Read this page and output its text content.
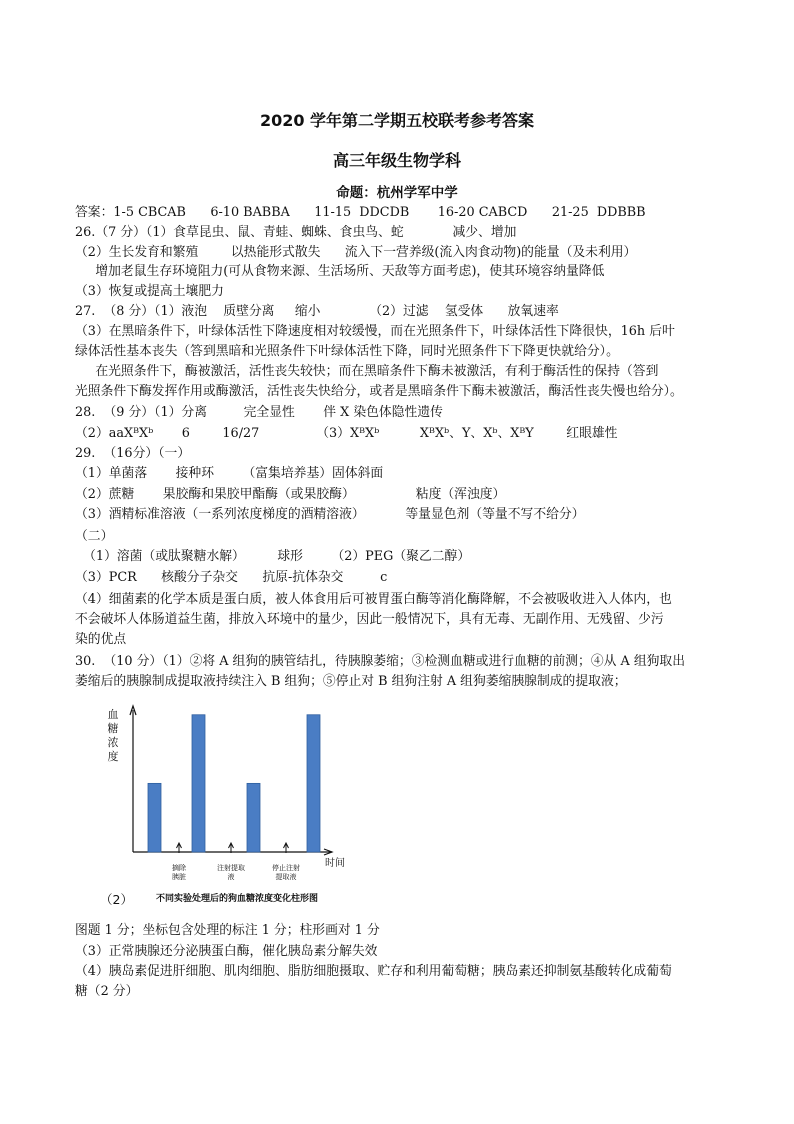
2020 学年第二学期五校联考参考答案
高三年级生物学科
命题：杭州学军中学
答案：1-5 CBCAB      6-10 BABBA      11-15  DDCDB       16-20 CABCD      21-25  DDBBB
26.（7 分）（1）食草昆虫、鼠、青蛙、蜘蛛、食虫鸟、蛇            减少、增加
（2）生长发育和繁殖        以热能形式散失      流入下一营养级(流入肉食动物)的能量（及未利用）
增加老鼠生存环境阻力(可从食物来源、生活场所、天敌等方面考虑)，使其环境容纳量降低
（3）恢复或提高土壤肥力
27.  （8 分）（1）液泡    质壁分离     缩小            （2）过滤    氢受体      放氧速率
（3）在黑暗条件下，叶绿体活性下降速度相对较缓慢，而在光照条件下，叶绿体活性下降很快，16h 后叶
绿体活性基本丧失（答到黑暗和光照条件下叶绿体活性下降，同时光照条件下下降更快就给分）。
在光照条件下，酶被激活，活性丧失较快；而在黑暗条件下酶未被激活，有利于酶活性的保持（答到
光照条件下酶发挥作用或酶激活，活性丧失快给分，或者是黑暗条件下酶未被激活，酶活性丧失慢也给分）。
28.  （9 分）（1）分离         完全显性       伴 X 染色体隐性遗传
（2）aaXᴮXᵇ       6        16/27              （3）XᴮXᵇ          XᴮXᵇ、Y、Xᵇ、XᴮY        红眼雄性
29.  （16分）（一）
（1）单菌落       接种环       （富集培养基）固体斜面
（2）蔗糖       果胶酶和果胶甲酯酶（或果胶酶）               粘度（浑浊度）
（3）酒精标准溶液（一系列浓度梯度的酒精溶液）          等量显色剂（等量不写不给分）
（二）
（1）溶菌（或肽聚糖水解）        球形       （2）PEG（聚乙二醇）
（3）PCR      核酸分子杂交      抗原-抗体杂交         c
（4）细菌素的化学本质是蛋白质，被人体食用后可被胃蛋白酶等消化酶降解，不会被吸收进入人体内，也
不会破坏人体肠道益生菌，排放入环境中的量少，因此一般情况下，具有无毒、无副作用、无残留、少污
染的优点
30.  （10 分）（1）②将 A 组狗的胰管结扎，待胰腺萎缩；③检测血糖或进行血糖的前测；④从 A 组狗取出
萎缩后的胰腺制成提取液持续注入 B 组狗；⑤停止对 B 组狗注射 A 组狗萎缩胰腺制成的提取液；
血糖浓度
时间
摘除胰脏
注射提取液
停止注射提取液
（2）	不同实验处理后的狗血糖浓度变化柱形图
图题 1 分；坐标包含处理的标注 1 分；柱形画对 1 分
（3）正常胰腺还分泌胰蛋白酶，催化胰岛素分解失效
（4）胰岛素促进肝细胞、肌肉细胞、脂肪细胞摄取、贮存和利用葡萄糖；胰岛素还抑制氨基酸转化成葡萄
糖（2 分）
